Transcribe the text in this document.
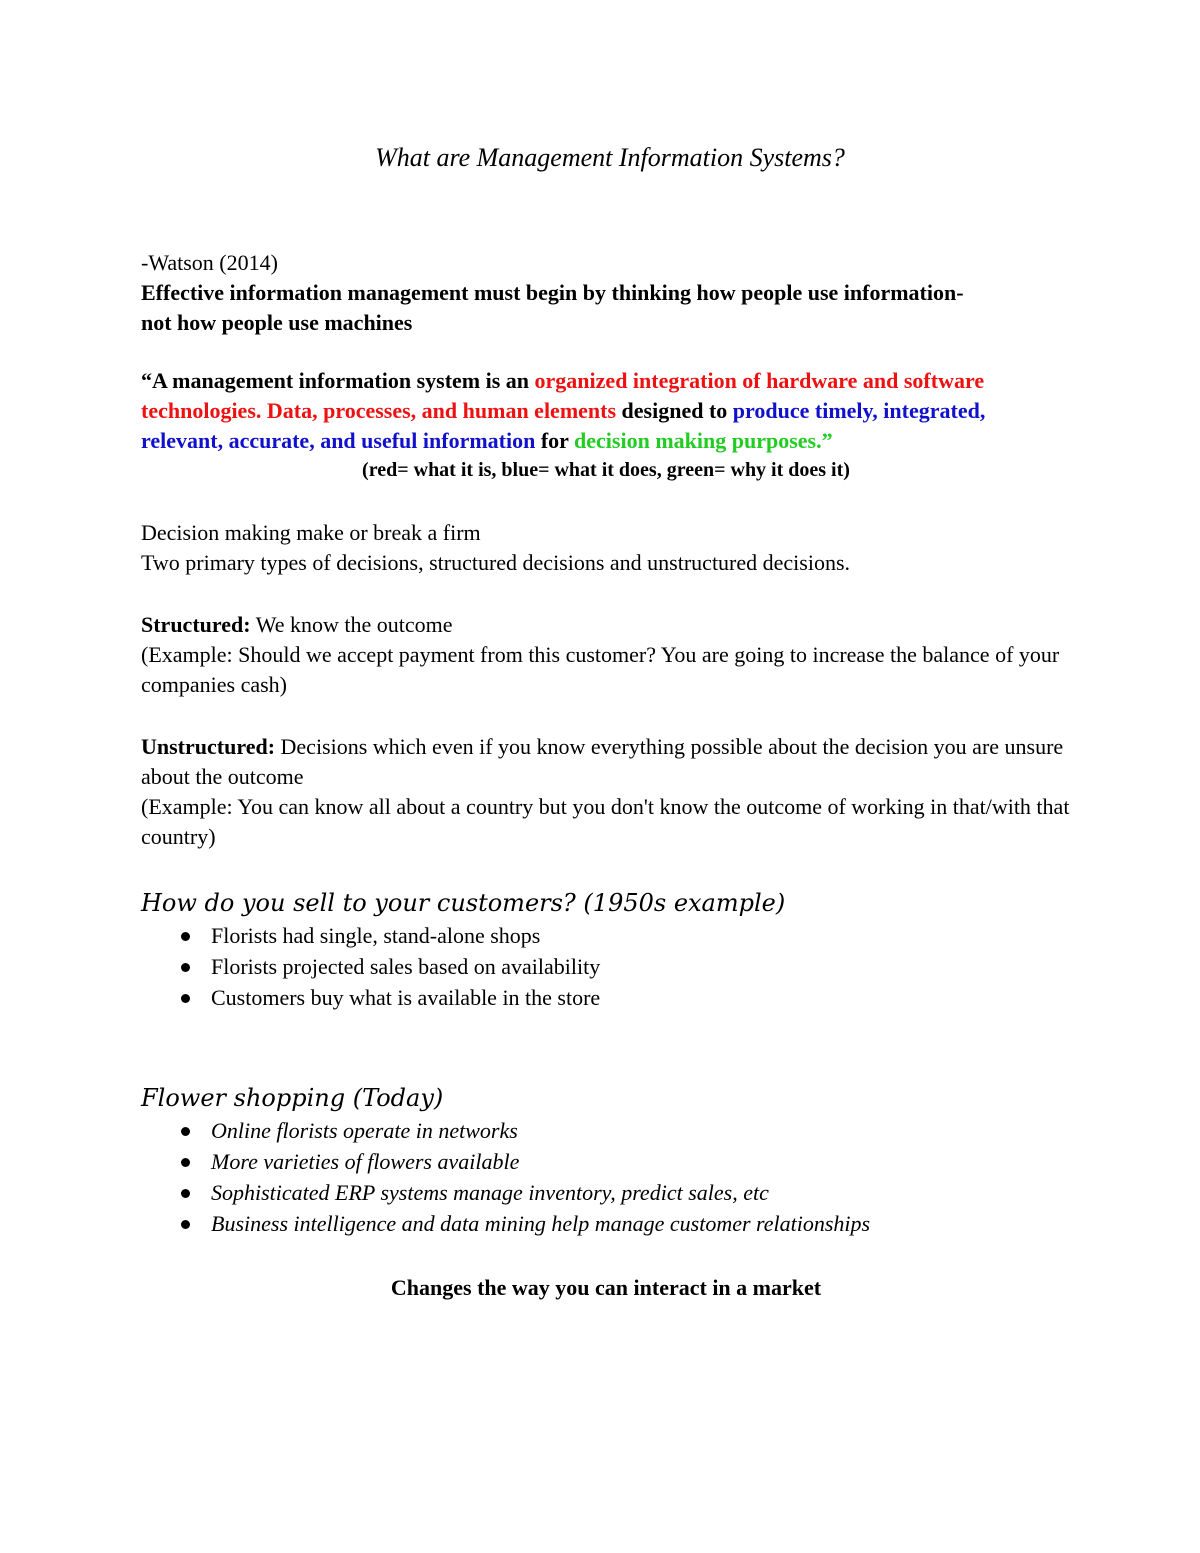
What are Management Information Systems?

-Watson (2014)

Effective information management must begin by thinking how people use information-

not how people use machines

“A management information system is an organized integration of hardware and software technologies. Data, processes, and human elements designed to produce timely, integrated, relevant, accurate, and useful information for decision making purposes.”

(red= what it is, blue= what it does, green= why it does it)

Decision making make or break a firm

Two primary types of decisions, structured decisions and unstructured decisions.

Structured: We know the outcome

(Example: Should we accept payment from this customer? You are going to increase the balance of your companies cash)

Unstructured: Decisions which even if you know everything possible about the decision you are unsure about the outcome

(Example: You can know all about a country but you don't know the outcome of working in that/with that country)

How do you sell to your customers? (1950s example)

Florists had single, stand-alone shops
Florists projected sales based on availability
Customers buy what is available in the store

Flower shopping (Today)

Online florists operate in networks
More varieties of flowers available
Sophisticated ERP systems manage inventory, predict sales, etc
Business intelligence and data mining help manage customer relationships

Changes the way you can interact in a market
